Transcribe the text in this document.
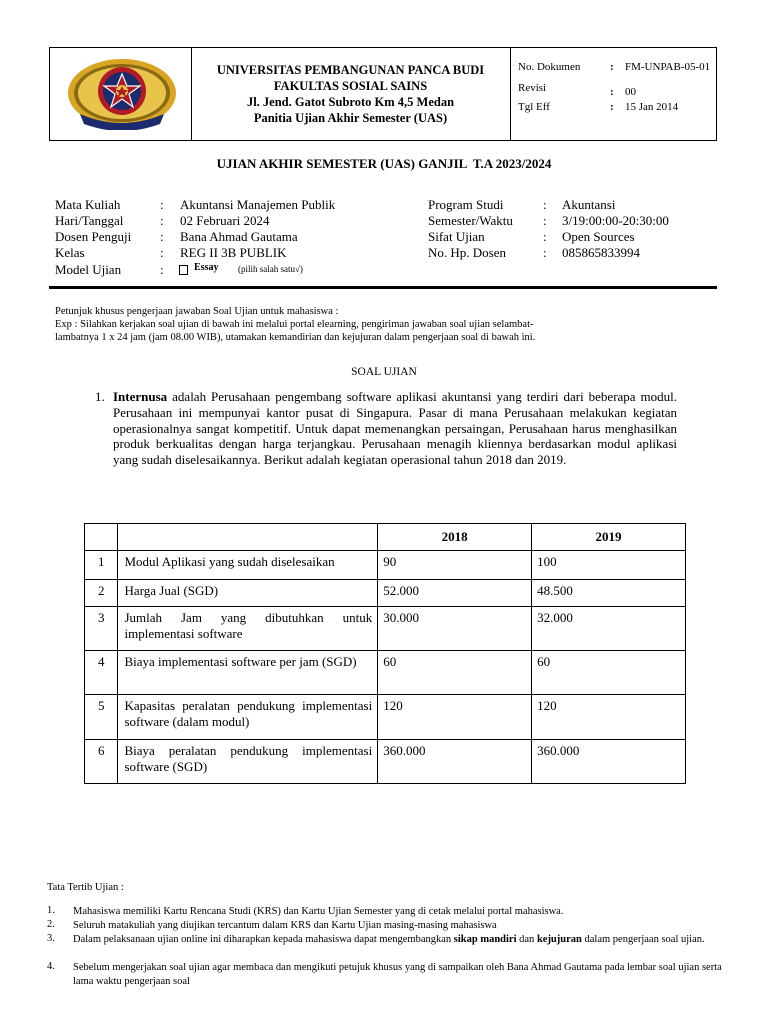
UNIVERSITAS PEMBANGUNAN PANCA BUDI
FAKULTAS SOSIAL SAINS
Jl. Jend. Gatot Subroto Km 4,5 Medan
Panitia Ujian Akhir Semester (UAS)
No. Dokumen	: FM-UNPAB-05-01
Revisi	: 00
Tgl Eff	: 15 Jan 2014
UJIAN AKHIR SEMESTER (UAS) GANJIL  T.A 2023/2024
Mata Kuliah	: Akuntansi Manajemen Publik
Hari/Tanggal	: 02 Februari 2024
Dosen Penguji : Bana Ahmad Gautama
Kelas	: REG II 3B PUBLIK
Model Ujian	:	Essay (pilih salah satu√)
Program Studi	: Akuntansi
Semester/Waktu : 3/19:00:00-20:30:00
Sifat Ujian	: Open Sources
No. Hp. Dosen	: 085865833994
Petunjuk khusus pengerjaan jawaban Soal Ujian untuk mahasiswa :
Exp : Silahkan kerjakan soal ujian di bawah ini melalui portal elearning, pengiriman jawaban soal ujian selambat-
lambatnya 1 x 24 jam (jam 08.00 WIB), utamakan kemandirian dan kejujuran dalam pengerjaan soal di bawah ini.
SOAL UJIAN
1. Internusa adalah Perusahaan pengembang software aplikasi akuntansi yang terdiri dari beberapa modul. Perusahaan ini mempunyai kantor pusat di Singapura. Pasar di mana Perusahaan melakukan kegiatan operasionalnya sangat kompetitif. Untuk dapat memenangkan persaingan, Perusahaan harus menghasilkan produk berkualitas dengan harga terjangkau. Perusahaan menagih kliennya berdasarkan modul aplikasi yang sudah diselesaikannya. Berikut adalah kegiatan operasional tahun 2018 dan 2019.
		2018	2019
1	Modul Aplikasi yang sudah diselesaikan	90	100
2	Harga Jual (SGD)	52.000	48.500
3	Jumlah Jam yang dibutuhkan untuk implementasi software	30.000	32.000
4	Biaya implementasi software per jam (SGD)	60	60
5	Kapasitas peralatan pendukung implementasi software (dalam modul)	120	120
6	Biaya peralatan pendukung implementasi software (SGD)	360.000	360.000
Tata Tertib Ujian :
1. Mahasiswa memiliki Kartu Rencana Studi (KRS) dan Kartu Ujian Semester yang di cetak melalui portal mahasiswa.
2. Seluruh matakuliah yang diujikan tercantum dalam KRS dan Kartu Ujian masing-masing mahasiswa
3. Dalam pelaksanaan ujian online ini diharapkan kepada mahasiswa dapat mengembangkan sikap mandiri dan kejujuran dalam pengerjaan soal ujian.
4. Sebelum mengerjakan soal ujian agar membaca dan mengikuti petujuk khusus yang di sampaikan oleh Bana Ahmad Gautama pada lembar soal ujian serta lama waktu pengerjaan soal
